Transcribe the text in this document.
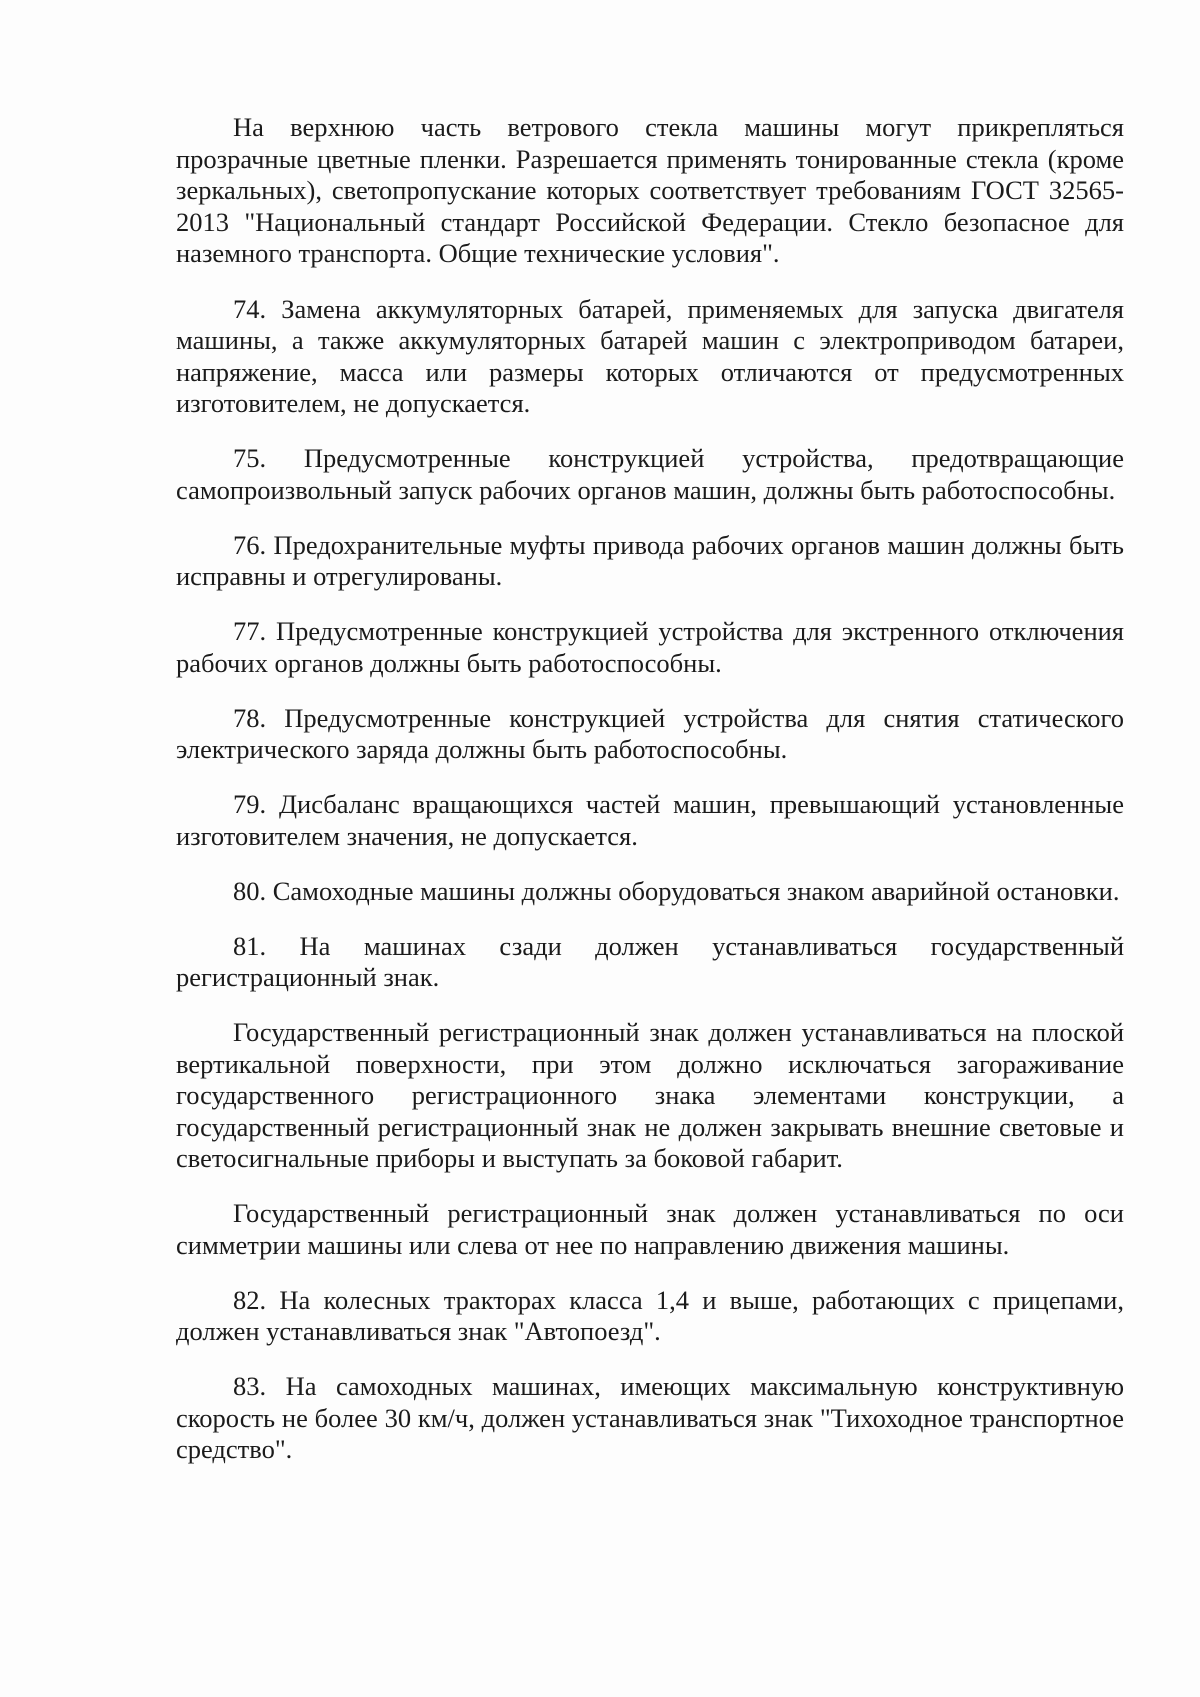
На верхнюю часть ветрового стекла машины могут прикрепляться прозрачные цветные пленки. Разрешается применять тонированные стекла (кроме зеркальных), светопропускание которых соответствует требованиям ГОСТ 32565-2013 "Национальный стандарт Российской Федерации. Стекло безопасное для наземного транспорта. Общие технические условия".

74. Замена аккумуляторных батарей, применяемых для запуска двигателя машины, а также аккумуляторных батарей машин с электроприводом батареи, напряжение, масса или размеры которых отличаются от предусмотренных изготовителем, не допускается.

75. Предусмотренные конструкцией устройства, предотвращающие самопроизвольный запуск рабочих органов машин, должны быть работоспособны.

76. Предохранительные муфты привода рабочих органов машин должны быть исправны и отрегулированы.

77. Предусмотренные конструкцией устройства для экстренного отключения рабочих органов должны быть работоспособны.

78. Предусмотренные конструкцией устройства для снятия статического электрического заряда должны быть работоспособны.

79. Дисбаланс вращающихся частей машин, превышающий установленные изготовителем значения, не допускается.

80. Самоходные машины должны оборудоваться знаком аварийной остановки.

81. На машинах сзади должен устанавливаться государственный регистрационный знак.

Государственный регистрационный знак должен устанавливаться на плоской вертикальной поверхности, при этом должно исключаться загораживание государственного регистрационного знака элементами конструкции, а государственный регистрационный знак не должен закрывать внешние световые и светосигнальные приборы и выступать за боковой габарит.

Государственный регистрационный знак должен устанавливаться по оси симметрии машины или слева от нее по направлению движения машины.

82. На колесных тракторах класса 1,4 и выше, работающих с прицепами, должен устанавливаться знак "Автопоезд".

83. На самоходных машинах, имеющих максимальную конструктивную скорость не более 30 км/ч, должен устанавливаться знак "Тихоходное транспортное средство".
